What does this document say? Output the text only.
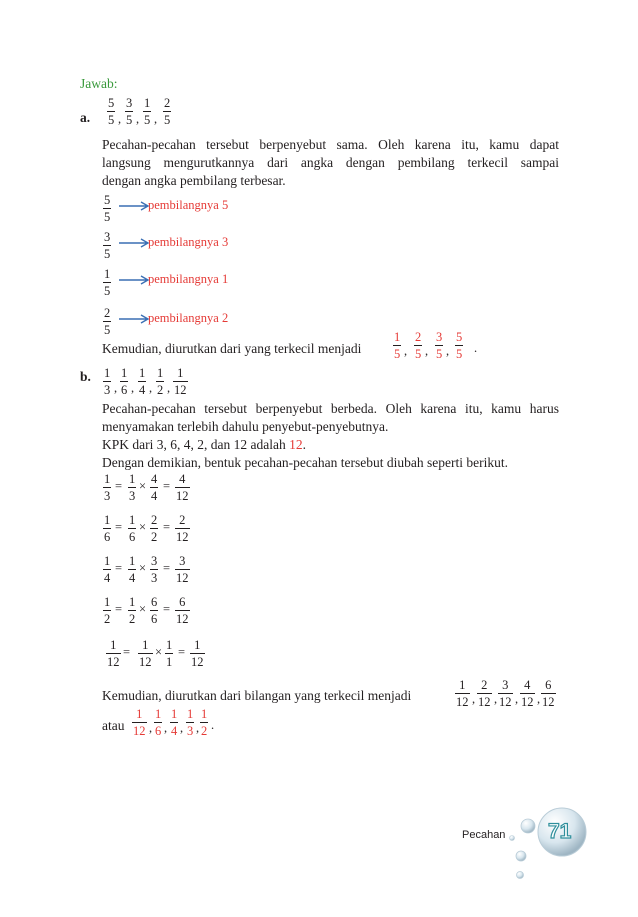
Jawab:
a. $\frac{5}{5}$ , $\frac{3}{5}$ , $\frac{1}{5}$ , $\frac{2}{5}$
Pecahan-pecahan tersebut berpenyebut sama. Oleh karena itu, kamu dapat
langsung mengurutkannya dari angka dengan pembilang terkecil sampai
dengan angka pembilang terbesar.
$\frac{5}{5}$	pembilangnya 5
$\frac{3}{5}$	pembilangnya 3
$\frac{1}{5}$	pembilangnya 1
$\frac{2}{5}$	pembilangnya 2
Kemudian, diurutkan dari yang terkecil menjadi	$\frac{1}{5}$ , $\frac{2}{5}$ , $\frac{3}{5}$ , $\frac{5}{5}$ .
b. $\frac{1}{3}$ , $\frac{1}{6}$ , $\frac{1}{4}$ , $\frac{1}{2}$ , $\frac{1}{12}$
Pecahan-pecahan tersebut berpenyebut berbeda. Oleh karena itu, kamu harus
menyamakan terlebih dahulu penyebut-penyebutnya.
KPK dari 3, 6, 4, 2, dan 12 adalah 12.
Dengan demikian, bentuk pecahan-pecahan tersebut diubah seperti berikut.
$\frac{1}{3} = \frac{1}{3} \times \frac{4}{4} = \frac{4}{12}$
$\frac{1}{6} = \frac{1}{6} \times \frac{2}{2} = \frac{2}{12}$
$\frac{1}{4} = \frac{1}{4} \times \frac{3}{3} = \frac{3}{12}$
$\frac{1}{2} = \frac{1}{2} \times \frac{6}{6} = \frac{6}{12}$
$\frac{1}{12} = \frac{1}{12} \times \frac{1}{1} = \frac{1}{12}$
Kemudian, diurutkan dari bilangan yang terkecil menjadi	$\frac{1}{12}$ , $\frac{2}{12}$ , $\frac{3}{12}$ , $\frac{4}{12}$ , $\frac{6}{12}$
atau $\frac{1}{12}$ , $\frac{1}{6}$ , $\frac{1}{4}$ , $\frac{1}{3}$ , $\frac{1}{2}$ .
Pecahan 71
